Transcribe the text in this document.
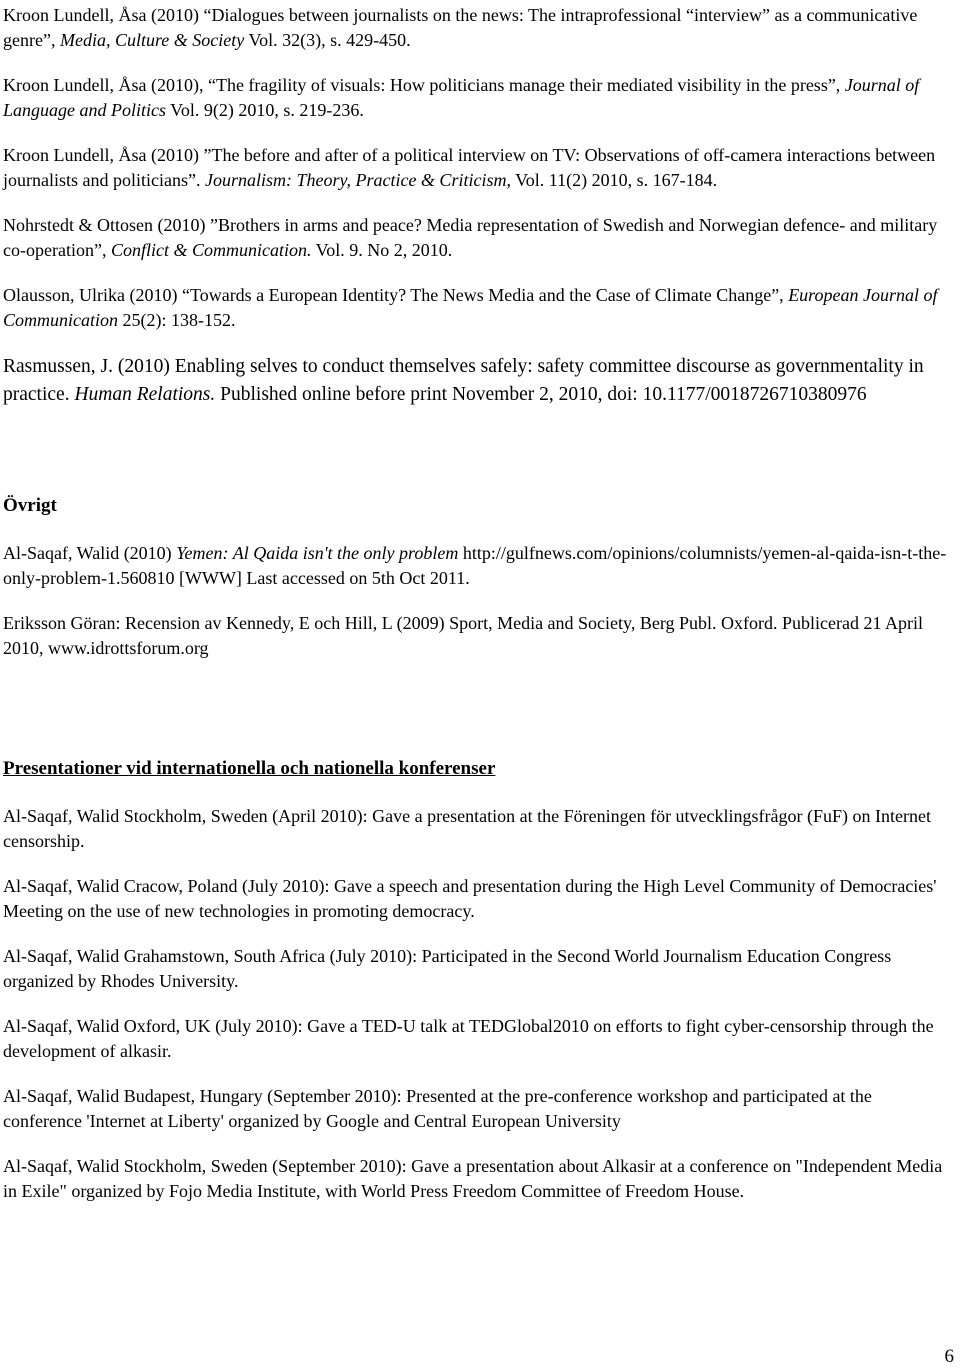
Kroon Lundell, Åsa (2010) “Dialogues between journalists on the news: The intraprofessional “interview” as a communicative genre”, Media, Culture & Society Vol. 32(3), s. 429-450.

Kroon Lundell, Åsa (2010), “The fragility of visuals: How politicians manage their mediated visibility in the press”, Journal of Language and Politics Vol. 9(2) 2010, s. 219-236.

Kroon Lundell, Åsa (2010) ”The before and after of a political interview on TV: Observations of off-camera interactions between journalists and politicians”. Journalism: Theory, Practice & Criticism, Vol. 11(2) 2010, s. 167-184.

Nohrstedt & Ottosen (2010) ”Brothers in arms and peace? Media representation of Swedish and Norwegian defence- and military co-operation”, Conflict & Communication. Vol. 9. No 2, 2010.

Olausson, Ulrika (2010) “Towards a European Identity? The News Media and the Case of Climate Change”, European Journal of Communication 25(2): 138-152.

Rasmussen, J. (2010) Enabling selves to conduct themselves safely: safety committee discourse as governmentality in practice. Human Relations. Published online before print November 2, 2010, doi: 10.1177/0018726710380976

Övrigt

Al-Saqaf, Walid (2010) Yemen: Al Qaida isn't the only problem http://gulfnews.com/opinions/columnists/yemen-al-qaida-isn-t-the-only-problem-1.560810 [WWW] Last accessed on 5th Oct 2011.

Eriksson Göran: Recension av Kennedy, E och Hill, L (2009) Sport, Media and Society, Berg Publ. Oxford. Publicerad 21 April 2010, www.idrottsforum.org

Presentationer vid internationella och nationella konferenser

Al-Saqaf, Walid Stockholm, Sweden (April 2010): Gave a presentation at the Föreningen för utvecklingsfrågor (FuF) on Internet censorship.

Al-Saqaf, Walid Cracow, Poland (July 2010): Gave a speech and presentation during the High Level Community of Democracies' Meeting on the use of new technologies in promoting democracy.

Al-Saqaf, Walid Grahamstown, South Africa (July 2010): Participated in the Second World Journalism Education Congress organized by Rhodes University.

Al-Saqaf, Walid Oxford, UK (July 2010): Gave a TED-U talk at TEDGlobal2010 on efforts to fight cyber-censorship through the development of alkasir.

Al-Saqaf, Walid Budapest, Hungary (September 2010): Presented at the pre-conference workshop and participated at the conference 'Internet at Liberty' organized by Google and Central European University

Al-Saqaf, Walid Stockholm, Sweden (September 2010): Gave a presentation about Alkasir at a conference on "Independent Media in Exile" organized by Fojo Media Institute, with World Press Freedom Committee of Freedom House.

6
